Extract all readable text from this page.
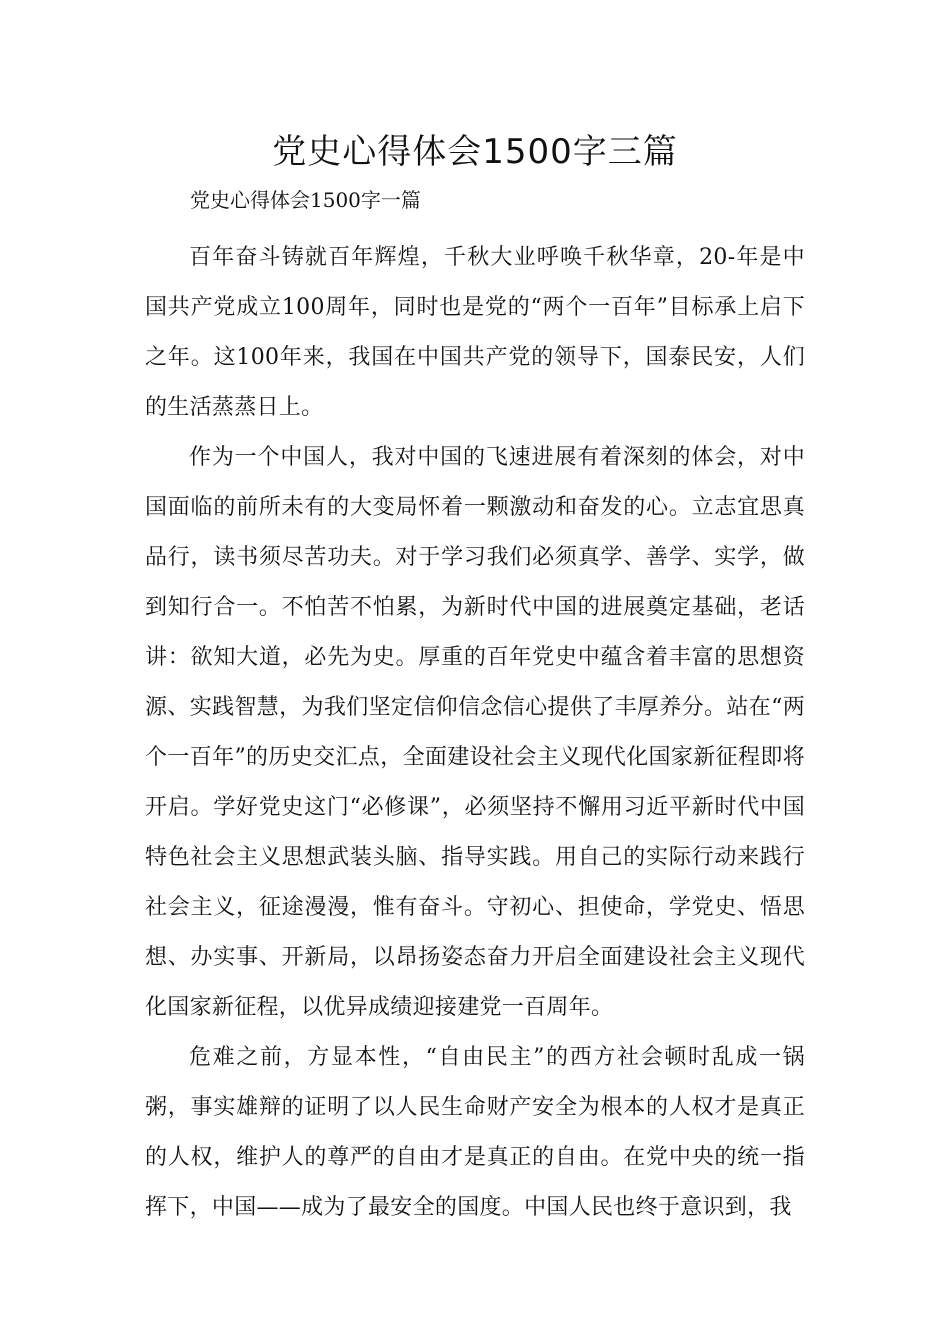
党史心得体会1500字三篇

党史心得体会1500字一篇

百年奋斗铸就百年辉煌，千秋大业呼唤千秋华章，20-年是中国共产党成立100周年，同时也是党的“两个一百年”目标承上启下之年。这100年来，我国在中国共产党的领导下，国泰民安，人们的生活蒸蒸日上。

作为一个中国人，我对中国的飞速进展有着深刻的体会，对中国面临的前所未有的大变局怀着一颗激动和奋发的心。立志宜思真品行，读书须尽苦功夫。对于学习我们必须真学、善学、实学，做到知行合一。不怕苦不怕累，为新时代中国的进展奠定基础，老话讲：欲知大道，必先为史。厚重的百年党史中蕴含着丰富的思想资源、实践智慧，为我们坚定信仰信念信心提供了丰厚养分。站在“两个一百年”的历史交汇点，全面建设社会主义现代化国家新征程即将开启。学好党史这门“必修课”，必须坚持不懈用习近平新时代中国特色社会主义思想武装头脑、指导实践。用自己的实际行动来践行社会主义，征途漫漫，惟有奋斗。守初心、担使命，学党史、悟思想、办实事、开新局，以昂扬姿态奋力开启全面建设社会主义现代化国家新征程，以优异成绩迎接建党一百周年。

危难之前，方显本性，“自由民主”的西方社会顿时乱成一锅粥，事实雄辩的证明了以人民生命财产安全为根本的人权才是真正的人权，维护人的尊严的自由才是真正的自由。在党中央的统一指挥下，中国——成为了最安全的国度。中国人民也终于意识到，我
